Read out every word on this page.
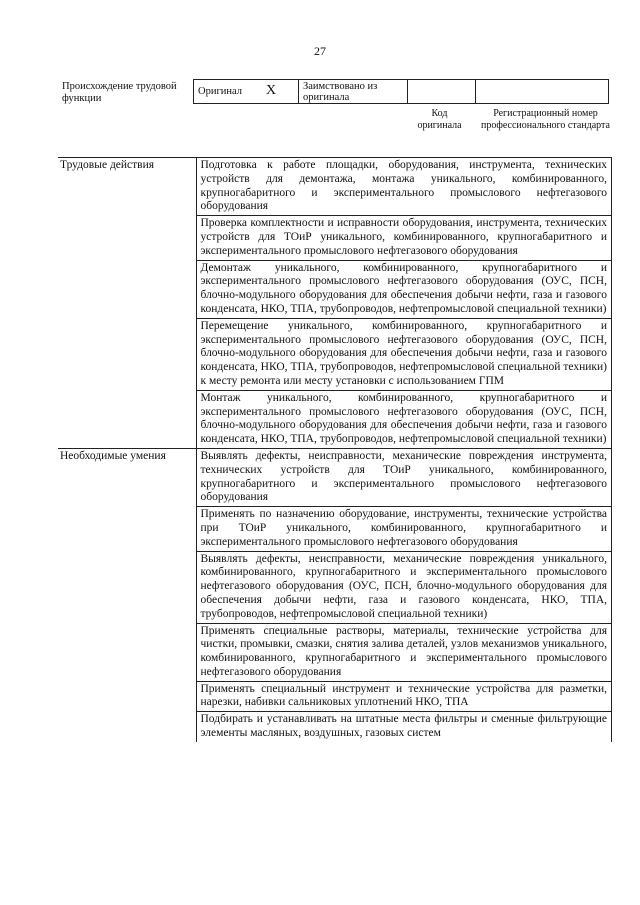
27
Происхождение трудовой функции
Оригинал X	Заимствовано из оригинала		
Код оригинала
Регистрационный номер профессионального стандарта
Трудовые действия	Подготовка к работе площадки, оборудования, инструмента, технических устройств для демонтажа, монтажа уникального, комбинированного, крупногабаритного и экспериментального промыслового нефтегазового оборудования
	Проверка комплектности и исправности оборудования, инструмента, технических устройств для ТОиР уникального, комбинированного, крупногабаритного и экспериментального промыслового нефтегазового оборудования
	Демонтаж уникального, комбинированного, крупногабаритного и экспериментального промыслового нефтегазового оборудования (ОУС, ПСН, блочно-модульного оборудования для обеспечения добычи нефти, газа и газового конденсата, НКО, ТПА, трубопроводов, нефтепромысловой специальной техники)
	Перемещение уникального, комбинированного, крупногабаритного и экспериментального промыслового нефтегазового оборудования (ОУС, ПСН, блочно-модульного оборудования для обеспечения добычи нефти, газа и газового конденсата, НКО, ТПА, трубопроводов, нефтепромысловой специальной техники) к месту ремонта или месту установки с использованием ГПМ
	Монтаж уникального, комбинированного, крупногабаритного и экспериментального промыслового нефтегазового оборудования (ОУС, ПСН, блочно-модульного оборудования для обеспечения добычи нефти, газа и газового конденсата, НКО, ТПА, трубопроводов, нефтепромысловой специальной техники)
Необходимые умения	Выявлять дефекты, неисправности, механические повреждения инструмента, технических устройств для ТОиР уникального, комбинированного, крупногабаритного и экспериментального промыслового нефтегазового оборудования
	Применять по назначению оборудование, инструменты, технические устройства при ТОиР уникального, комбинированного, крупногабаритного и экспериментального промыслового нефтегазового оборудования
	Выявлять дефекты, неисправности, механические повреждения уникального, комбинированного, крупногабаритного и экспериментального промыслового нефтегазового оборудования (ОУС, ПСН, блочно-модульного оборудования для обеспечения добычи нефти, газа и газового конденсата, НКО, ТПА, трубопроводов, нефтепромысловой специальной техники)
	Применять специальные растворы, материалы, технические устройства для чистки, промывки, смазки, снятия залива деталей, узлов механизмов уникального, комбинированного, крупногабаритного и экспериментального промыслового нефтегазового оборудования
	Применять специальный инструмент и технические устройства для разметки, нарезки, набивки сальниковых уплотнений НКО, ТПА
	Подбирать и устанавливать на штатные места фильтры и сменные фильтрующие элементы масляных, воздушных, газовых систем
